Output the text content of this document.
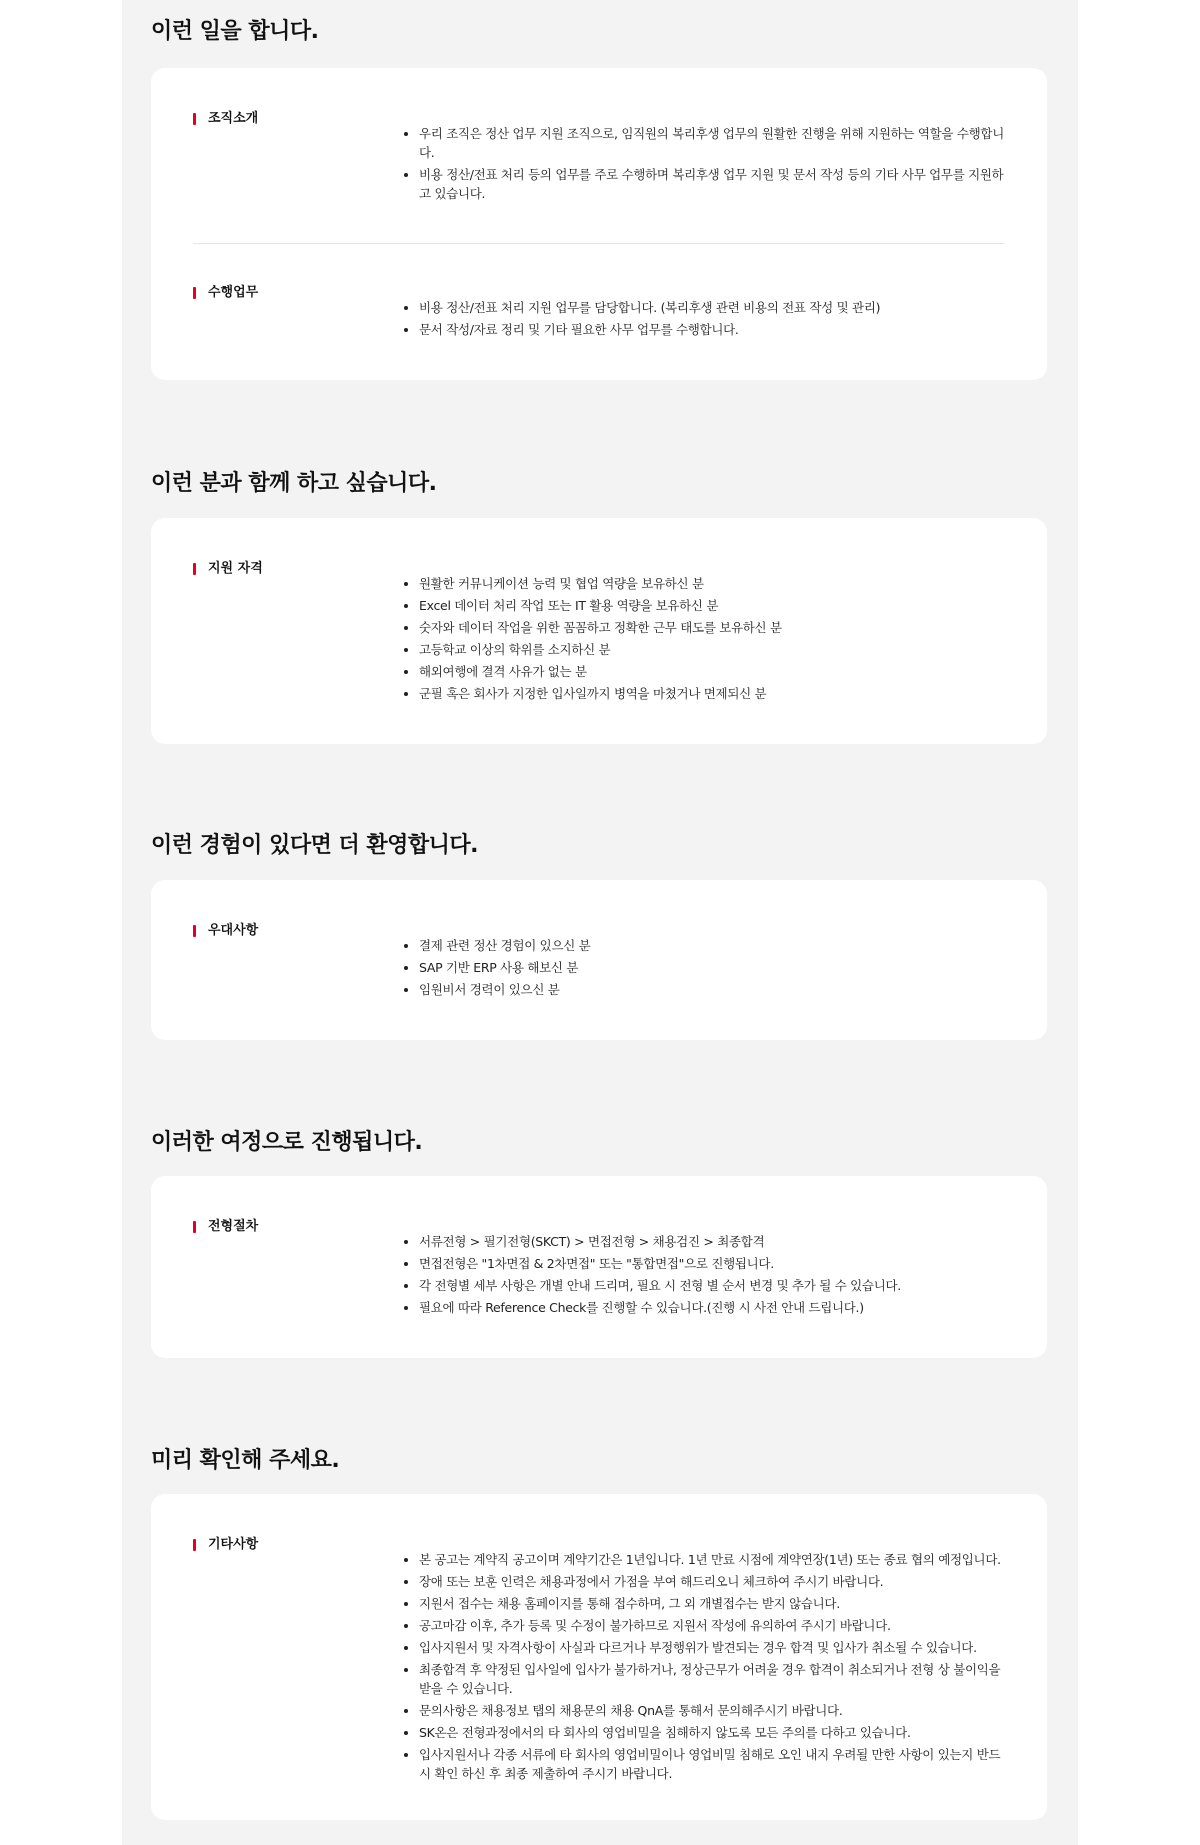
이런 일을 합니다.
조직소개
우리 조직은 정산 업무 지원 조직으로, 임직원의 복리후생 업무의 원활한 진행을 위해 지원하는 역할을 수행합니다.
비용 정산/전표 처리 등의 업무를 주로 수행하며 복리후생 업무 지원 및 문서 작성 등의 기타 사무 업무를 지원하고 있습니다.
수행업무
비용 정산/전표 처리 지원 업무를 담당합니다. (복리후생 관련 비용의 전표 작성 및 관리)
문서 작성/자료 정리 및 기타 필요한 사무 업무를 수행합니다.
이런 분과 함께 하고 싶습니다.
지원 자격
원활한 커뮤니케이션 능력 및 협업 역량을 보유하신 분
Excel 데이터 처리 작업 또는 IT 활용 역량을 보유하신 분
숫자와 데이터 작업을 위한 꼼꼼하고 정확한 근무 태도를 보유하신 분
고등학교 이상의 학위를 소지하신 분
해외여행에 결격 사유가 없는 분
군필 혹은 회사가 지정한 입사일까지 병역을 마쳤거나 면제되신 분
이런 경험이 있다면 더 환영합니다.
우대사항
결제 관련 정산 경험이 있으신 분
SAP 기반 ERP 사용 해보신 분
임원비서 경력이 있으신 분
이러한 여정으로 진행됩니다.
전형절차
서류전형 > 필기전형(SKCT) > 면접전형 > 채용검진 > 최종합격
면접전형은 "1차면접 & 2차면접" 또는 "통합면접"으로 진행됩니다.
각 전형별 세부 사항은 개별 안내 드리며, 필요 시 전형 별 순서 변경 및 추가 될 수 있습니다.
필요에 따라 Reference Check를 진행할 수 있습니다.(진행 시 사전 안내 드립니다.)
미리 확인해 주세요.
기타사항
본 공고는 계약직 공고이며 계약기간은 1년입니다. 1년 만료 시점에 계약연장(1년) 또는 종료 협의 예정입니다.
장애 또는 보훈 인력은 채용과정에서 가점을 부여 해드리오니 체크하여 주시기 바랍니다.
지원서 접수는 채용 홈페이지를 통해 접수하며, 그 외 개별접수는 받지 않습니다.
공고마감 이후, 추가 등록 및 수정이 불가하므로 지원서 작성에 유의하여 주시기 바랍니다.
입사지원서 및 자격사항이 사실과 다르거나 부정행위가 발견되는 경우 합격 및 입사가 취소될 수 있습니다.
최종합격 후 약정된 입사일에 입사가 불가하거나, 정상근무가 어려울 경우 합격이 취소되거나 전형 상 불이익을 받을 수 있습니다.
문의사항은 채용정보 탭의 채용문의 채용 QnA를 통해서 문의해주시기 바랍니다.
SK온은 전형과정에서의 타 회사의 영업비밀을 침해하지 않도록 모든 주의를 다하고 있습니다.
입사지원서나 각종 서류에 타 회사의 영업비밀이나 영업비밀 침해로 오인 내지 우려될 만한 사항이 있는지 반드시 확인 하신 후 최종 제출하여 주시기 바랍니다.
